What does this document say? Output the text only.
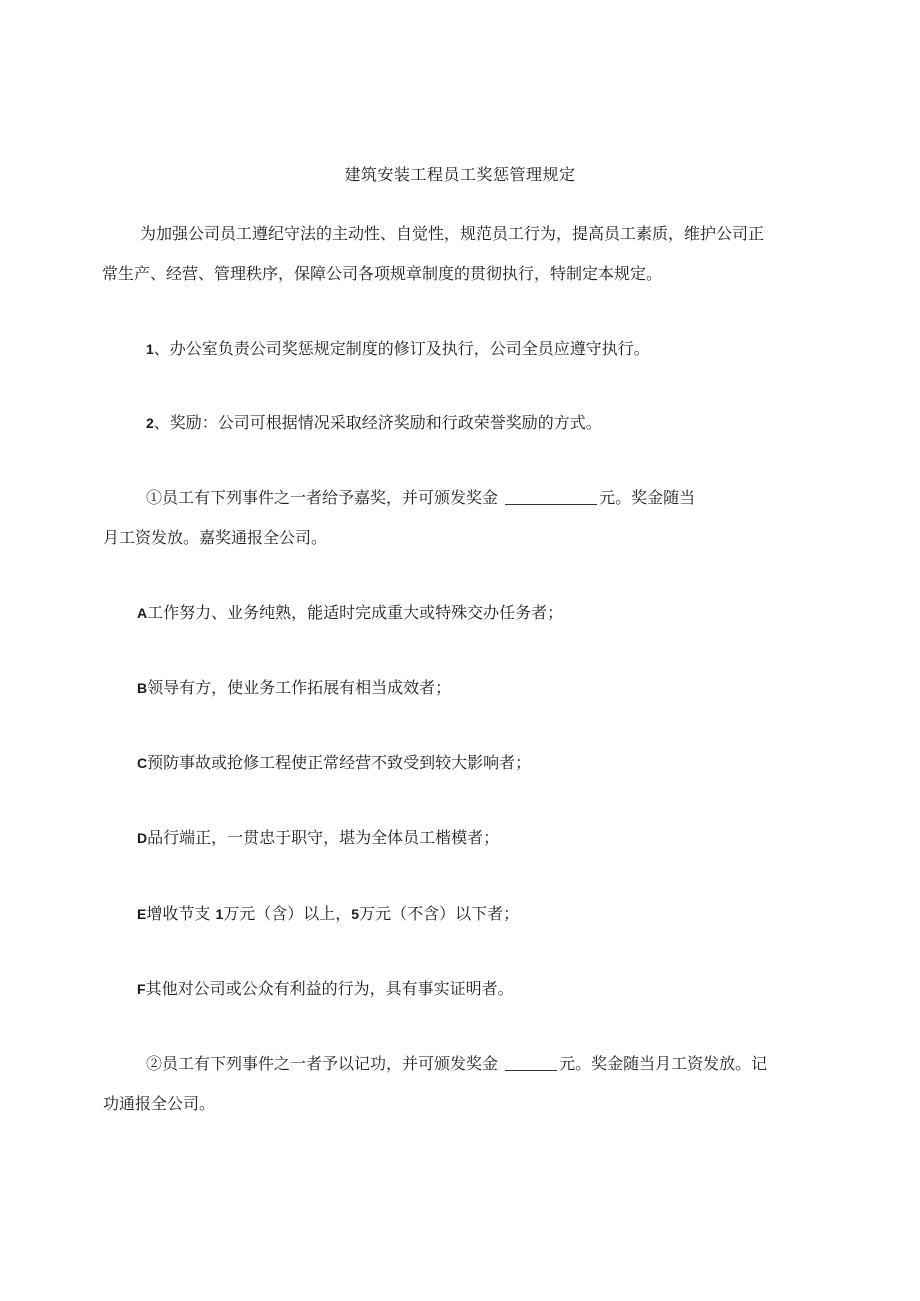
建筑安装工程员工奖惩管理规定
为加强公司员工遵纪守法的主动性、自觉性，规范员工行为，提高员工素质，维护公司正
常生产、经营、管理秩序，保障公司各项规章制度的贯彻执行，特制定本规定。
1、办公室负责公司奖惩规定制度的修订及执行，公司全员应遵守执行。
2、奖励：公司可根据情况采取经济奖励和行政荣誉奖励的方式。
①员工有下列事件之一者给予嘉奖，并可颁发奖金	元。奖金随当
月工资发放。嘉奖通报全公司。
A工作努力、业务纯熟，能适时完成重大或特殊交办任务者；
B领导有方，使业务工作拓展有相当成效者；
C预防事故或抢修工程使正常经营不致受到较大影响者；
D品行端正，一贯忠于职守，堪为全体员工楷模者；
E增收节支 1万元（含）以上，5万元（不含）以下者；
F其他对公司或公众有利益的行为，具有事实证明者。
②员工有下列事件之一者予以记功，并可颁发奖金	元。奖金随当月工资发放。记
功通报全公司。
